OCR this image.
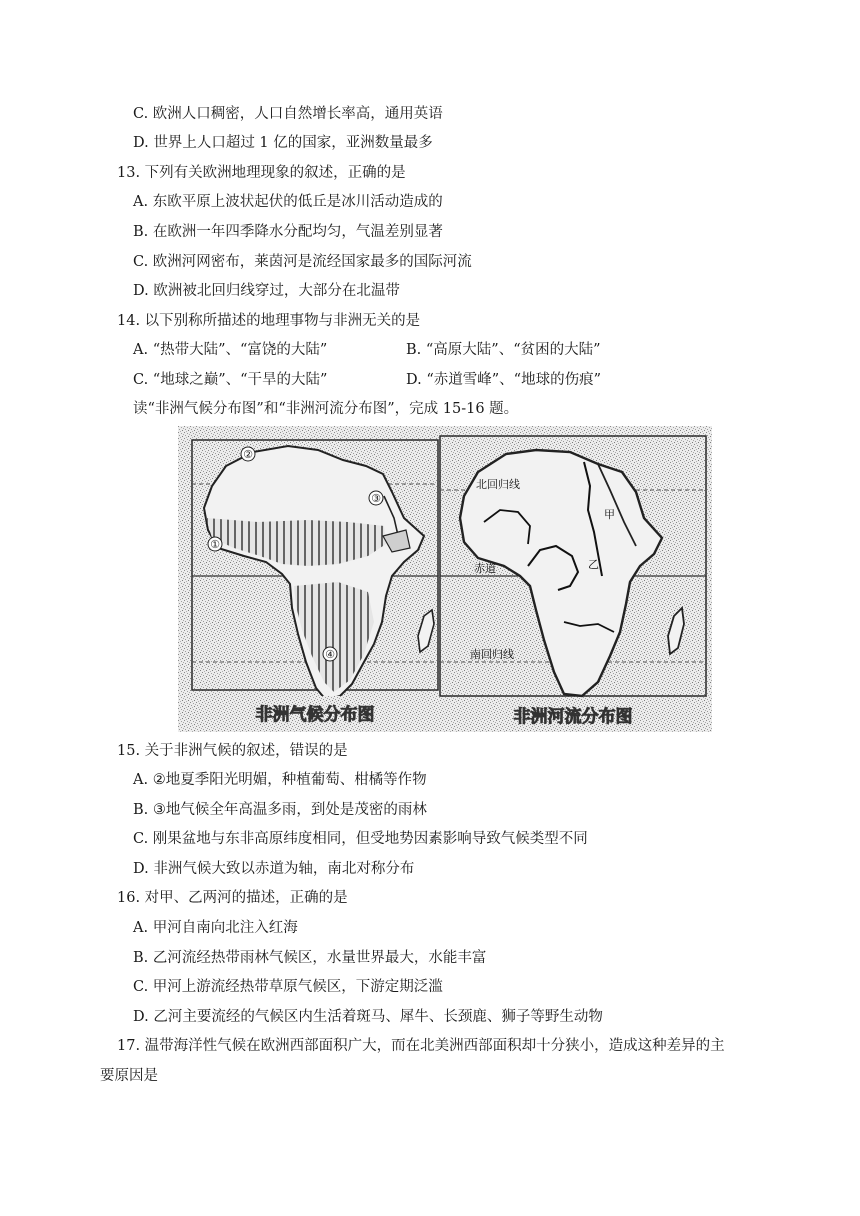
C. 欧洲人口稠密，人口自然增长率高，通用英语
D. 世界上人口超过 1 亿的国家，亚洲数量最多
13. 下列有关欧洲地理现象的叙述，正确的是
A. 东欧平原上波状起伏的低丘是冰川活动造成的
B. 在欧洲一年四季降水分配均匀，气温差别显著
C. 欧洲河网密布，莱茵河是流经国家最多的国际河流
D. 欧洲被北回归线穿过，大部分在北温带
14. 以下别称所描述的地理事物与非洲无关的是
A. “热带大陆”、“富饶的大陆”	B. “高原大陆”、“贫困的大陆”
C. “地球之巅”、“干旱的大陆”	D. “赤道雪峰”、“地球的伤痕”
读“非洲气候分布图”和“非洲河流分布图”，完成 15-16 题。
②
①
③
④
非洲气候分布图
北回归线
赤道
南回归线
甲
乙
非洲河流分布图
15. 关于非洲气候的叙述，错误的是
A. ②地夏季阳光明媚，种植葡萄、柑橘等作物
B. ③地气候全年高温多雨，到处是茂密的雨林
C. 刚果盆地与东非高原纬度相同，但受地势因素影响导致气候类型不同
D. 非洲气候大致以赤道为轴，南北对称分布
16. 对甲、乙两河的描述，正确的是
A. 甲河自南向北注入红海
B. 乙河流经热带雨林气候区，水量世界最大，水能丰富
C. 甲河上游流经热带草原气候区，下游定期泛滥
D. 乙河主要流经的气候区内生活着斑马、犀牛、长颈鹿、狮子等野生动物
17. 温带海洋性气候在欧洲西部面积广大，而在北美洲西部面积却十分狭小，造成这种差异的主
要原因是
